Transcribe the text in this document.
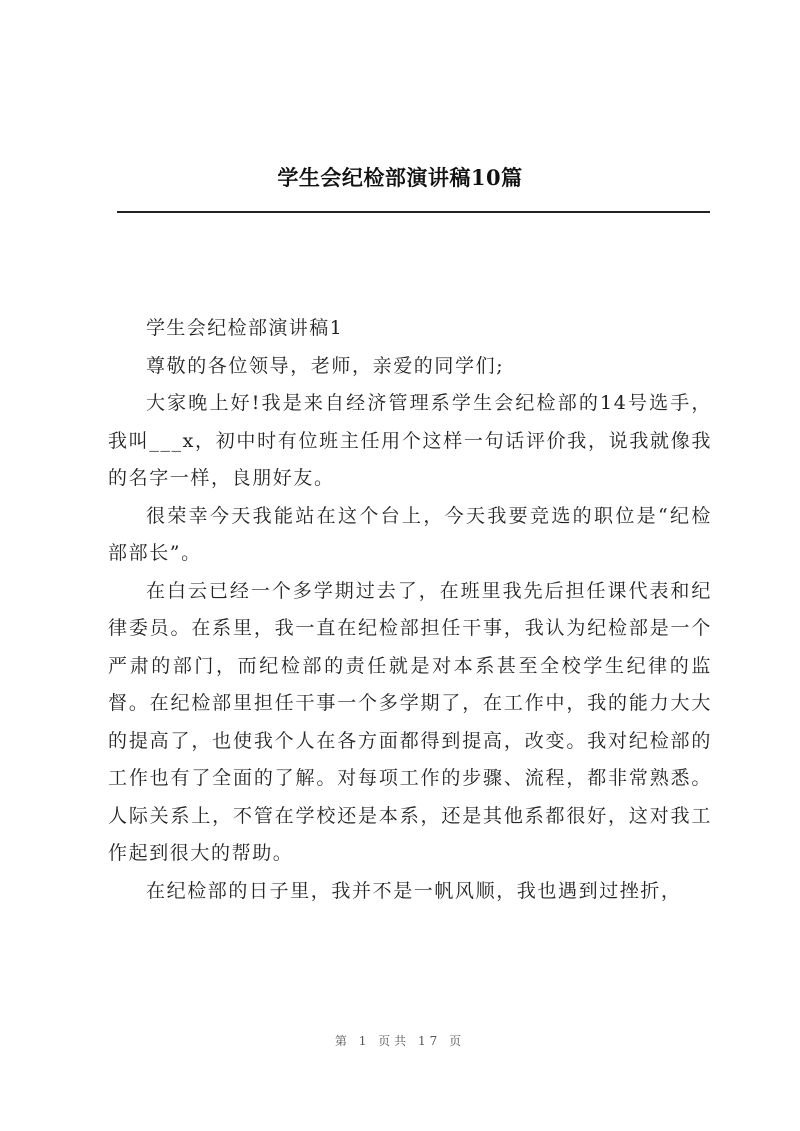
学生会纪检部演讲稿10篇

学生会纪检部演讲稿1

尊敬的各位领导，老师，亲爱的同学们;

大家晚上好!我是来自经济管理系学生会纪检部的14号选手，我叫___x，初中时有位班主任用个这样一句话评价我，说我就像我的名字一样，良朋好友。

很荣幸今天我能站在这个台上，今天我要竞选的职位是“纪检部部长”。

在白云已经一个多学期过去了，在班里我先后担任课代表和纪律委员。在系里，我一直在纪检部担任干事，我认为纪检部是一个严肃的部门，而纪检部的责任就是对本系甚至全校学生纪律的监督。在纪检部里担任干事一个多学期了，在工作中，我的能力大大的提高了，也使我个人在各方面都得到提高，改变。我对纪检部的工作也有了全面的了解。对每项工作的步骤、流程，都非常熟悉。人际关系上，不管在学校还是本系，还是其他系都很好，这对我工作起到很大的帮助。

在纪检部的日子里，我并不是一帆风顺，我也遇到过挫折，

第 1 页共 17 页
